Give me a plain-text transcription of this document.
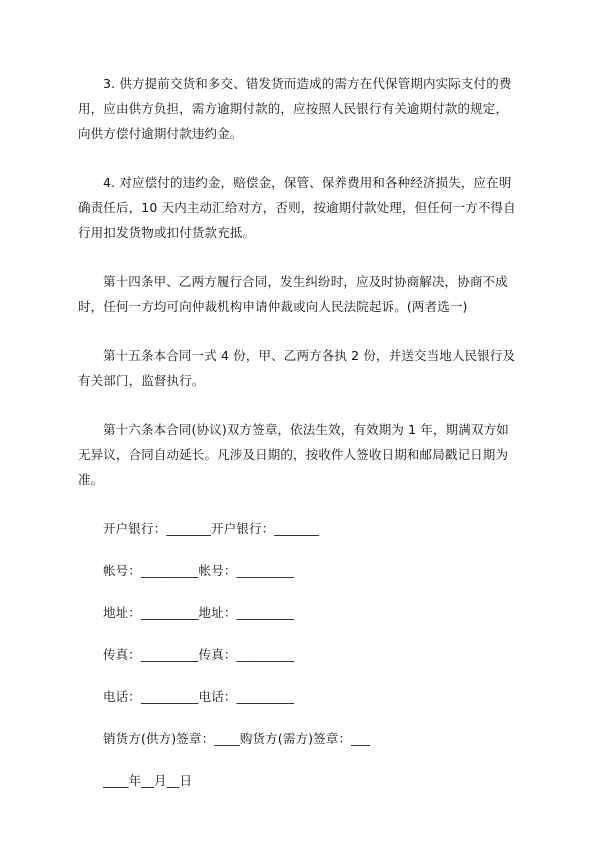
3. 供方提前交货和多交、错发货而造成的需方在代保管期内实际支付的费用，应由供方负担，需方逾期付款的，应按照人民银行有关逾期付款的规定，向供方偿付逾期付款违约金。

4. 对应偿付的违约金，赔偿金，保管、保养费用和各种经济损失，应在明确责任后，10 天内主动汇给对方，否则，按逾期付款处理，但任何一方不得自行用扣发货物或扣付货款充抵。

第十四条甲、乙两方履行合同，发生纠纷时，应及时协商解决，协商不成时，任何一方均可向仲裁机构申请仲裁或向人民法院起诉。(两者选一)

第十五条本合同一式 4 份，甲、乙两方各执 2 份，并送交当地人民银行及有关部门，监督执行。

第十六条本合同(协议)双方签章，依法生效，有效期为 1 年，期满双方如无异议，合同自动延长。凡涉及日期的，按收件人签收日期和邮局戳记日期为准。

开户银行：_______开户银行：_______

帐号：_________帐号：_________

地址：_________地址：_________

传真：_________传真：_________

电话：_________电话：_________

销货方(供方)签章：____购货方(需方)签章：___

____年__月__日
